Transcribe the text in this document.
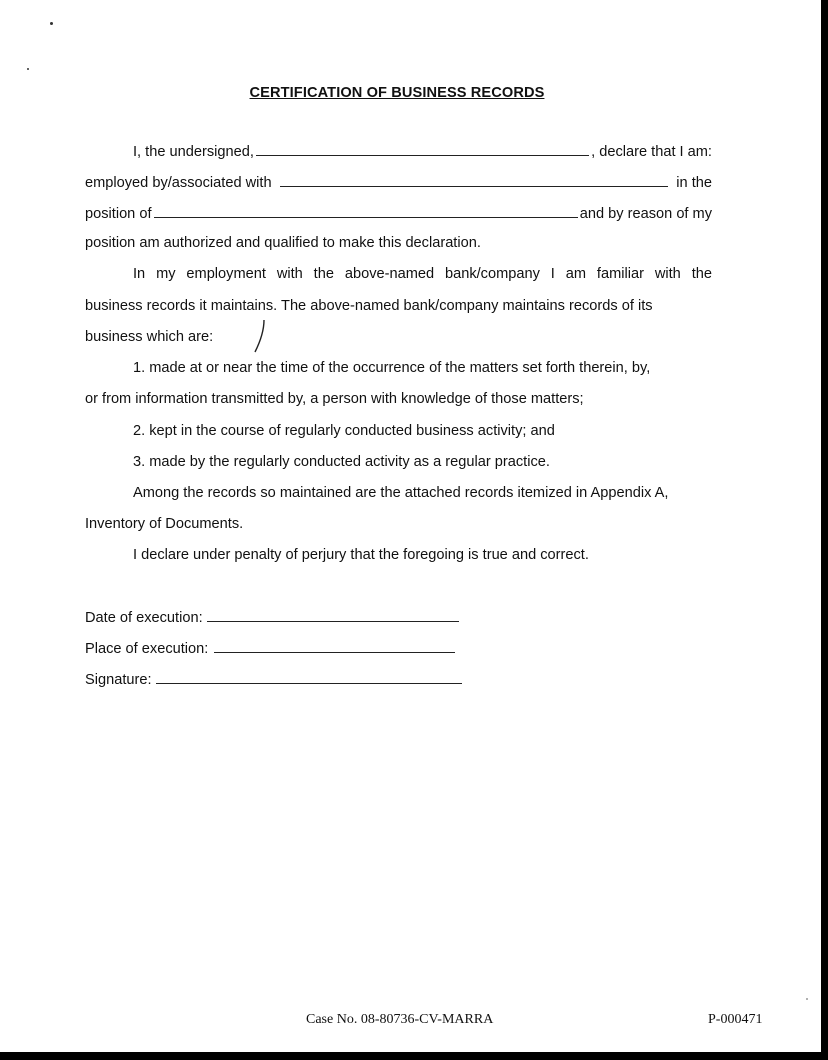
CERTIFICATION OF BUSINESS RECORDS
I, the undersigned,	, declare that I am:
employed by/associated with	in the
position of	and by reason of my
position am authorized and qualified to make this declaration.
In my employment with the above-named bank/company I am familiar with the
business records it maintains. The above-named bank/company maintains records of its
business which are:
1. made at or near the time of the occurrence of the matters set forth therein, by,
or from information transmitted by, a person with knowledge of those matters;
2. kept in the course of regularly conducted business activity; and
3. made by the regularly conducted activity as a regular practice.
Among the records so maintained are the attached records itemized in Appendix A,
Inventory of Documents.
I declare under penalty of perjury that the foregoing is true and correct.
Date of execution:
Place of execution:
Signature:
Case No. 08-80736-CV-MARRA	P-000471
